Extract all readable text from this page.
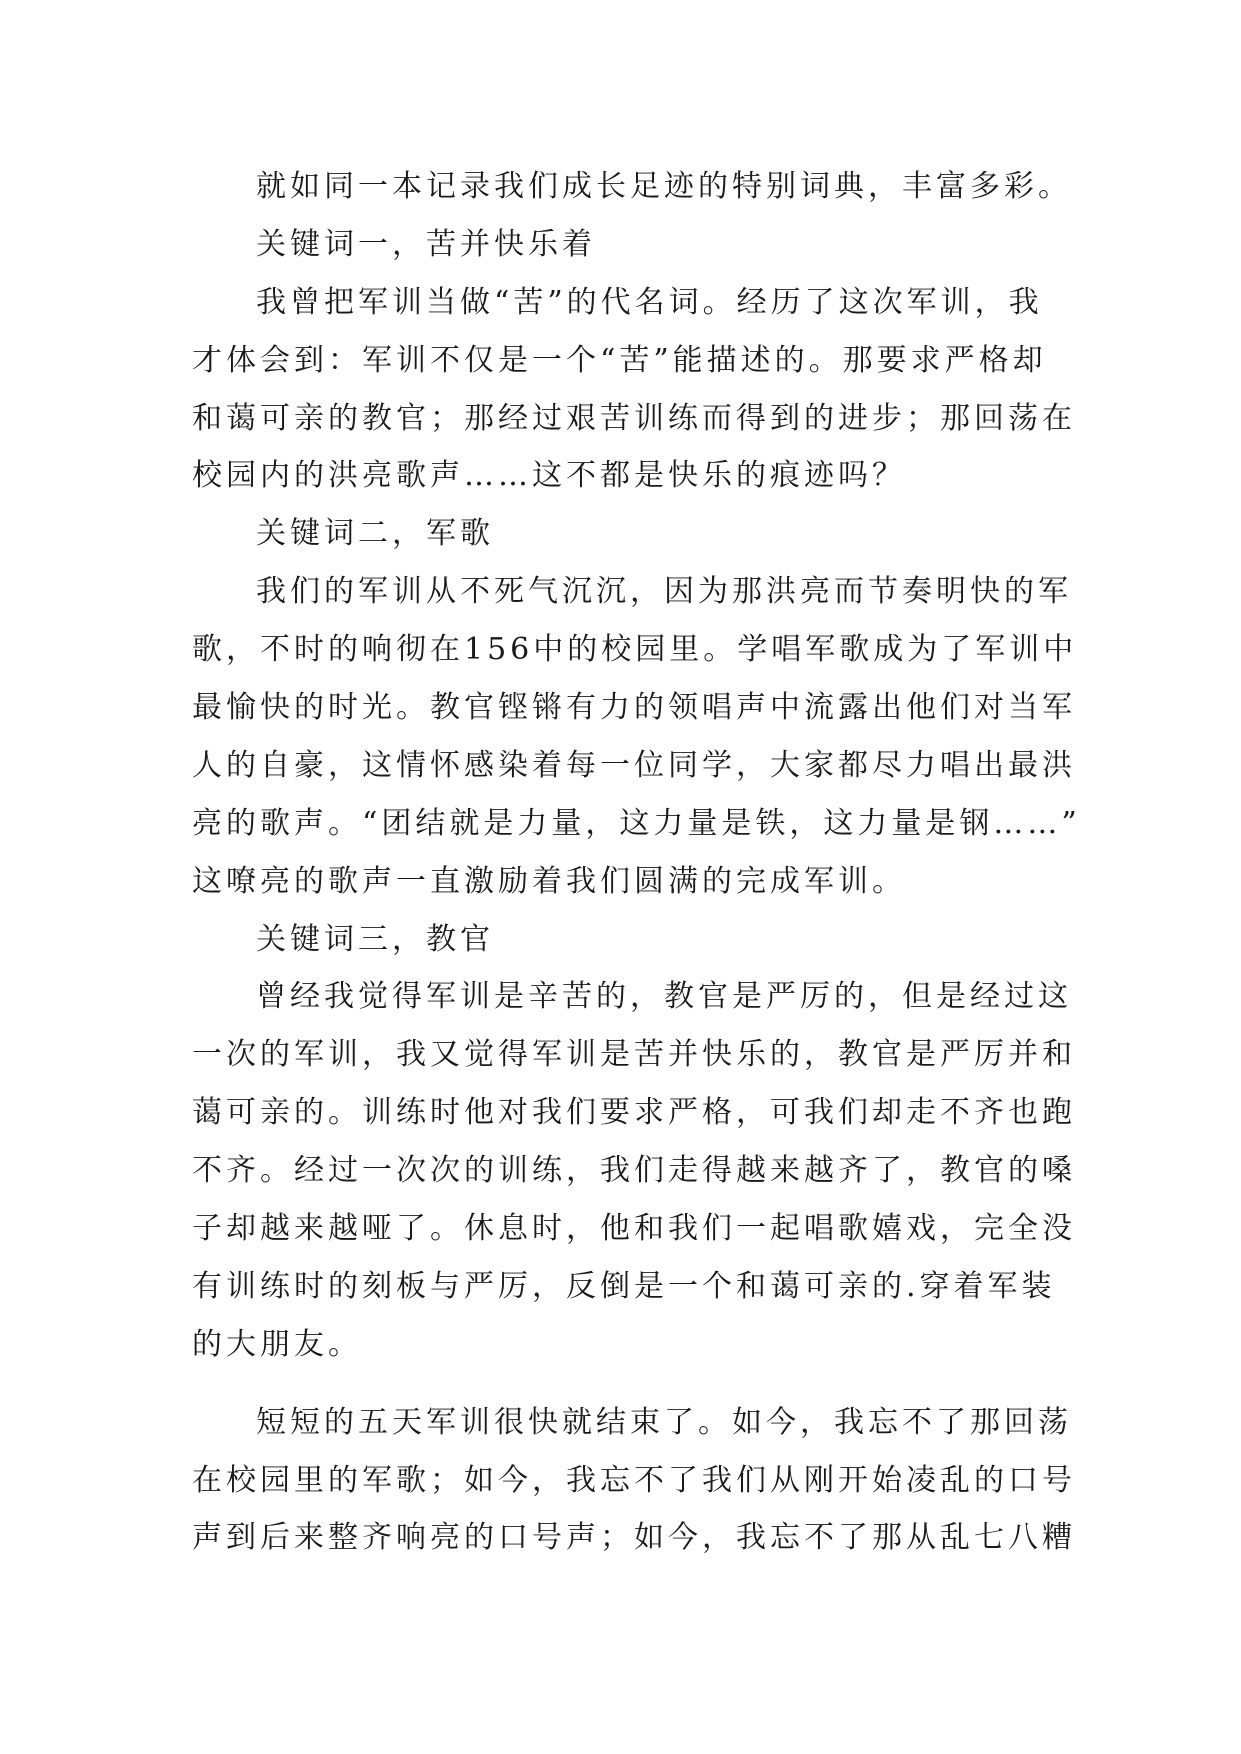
就如同一本记录我们成长足迹的特别词典，丰富多彩。
关键词一，苦并快乐着
我曾把军训当做“苦”的代名词。经历了这次军训，我
才体会到：军训不仅是一个“苦”能描述的。那要求严格却
和蔼可亲的教官；那经过艰苦训练而得到的进步；那回荡在
校园内的洪亮歌声……这不都是快乐的痕迹吗？
关键词二，军歌
我们的军训从不死气沉沉，因为那洪亮而节奏明快的军
歌，不时的响彻在156中的校园里。学唱军歌成为了军训中
最愉快的时光。教官铿锵有力的领唱声中流露出他们对当军
人的自豪，这情怀感染着每一位同学，大家都尽力唱出最洪
亮的歌声。“团结就是力量，这力量是铁，这力量是钢……”
这嘹亮的歌声一直激励着我们圆满的完成军训。
关键词三，教官
曾经我觉得军训是辛苦的，教官是严厉的，但是经过这
一次的军训，我又觉得军训是苦并快乐的，教官是严厉并和
蔼可亲的。训练时他对我们要求严格，可我们却走不齐也跑
不齐。经过一次次的训练，我们走得越来越齐了，教官的嗓
子却越来越哑了。休息时，他和我们一起唱歌嬉戏，完全没
有训练时的刻板与严厉，反倒是一个和蔼可亲的.穿着军装
的大朋友。
短短的五天军训很快就结束了。如今，我忘不了那回荡
在校园里的军歌；如今，我忘不了我们从刚开始凌乱的口号
声到后来整齐响亮的口号声；如今，我忘不了那从乱七八糟
